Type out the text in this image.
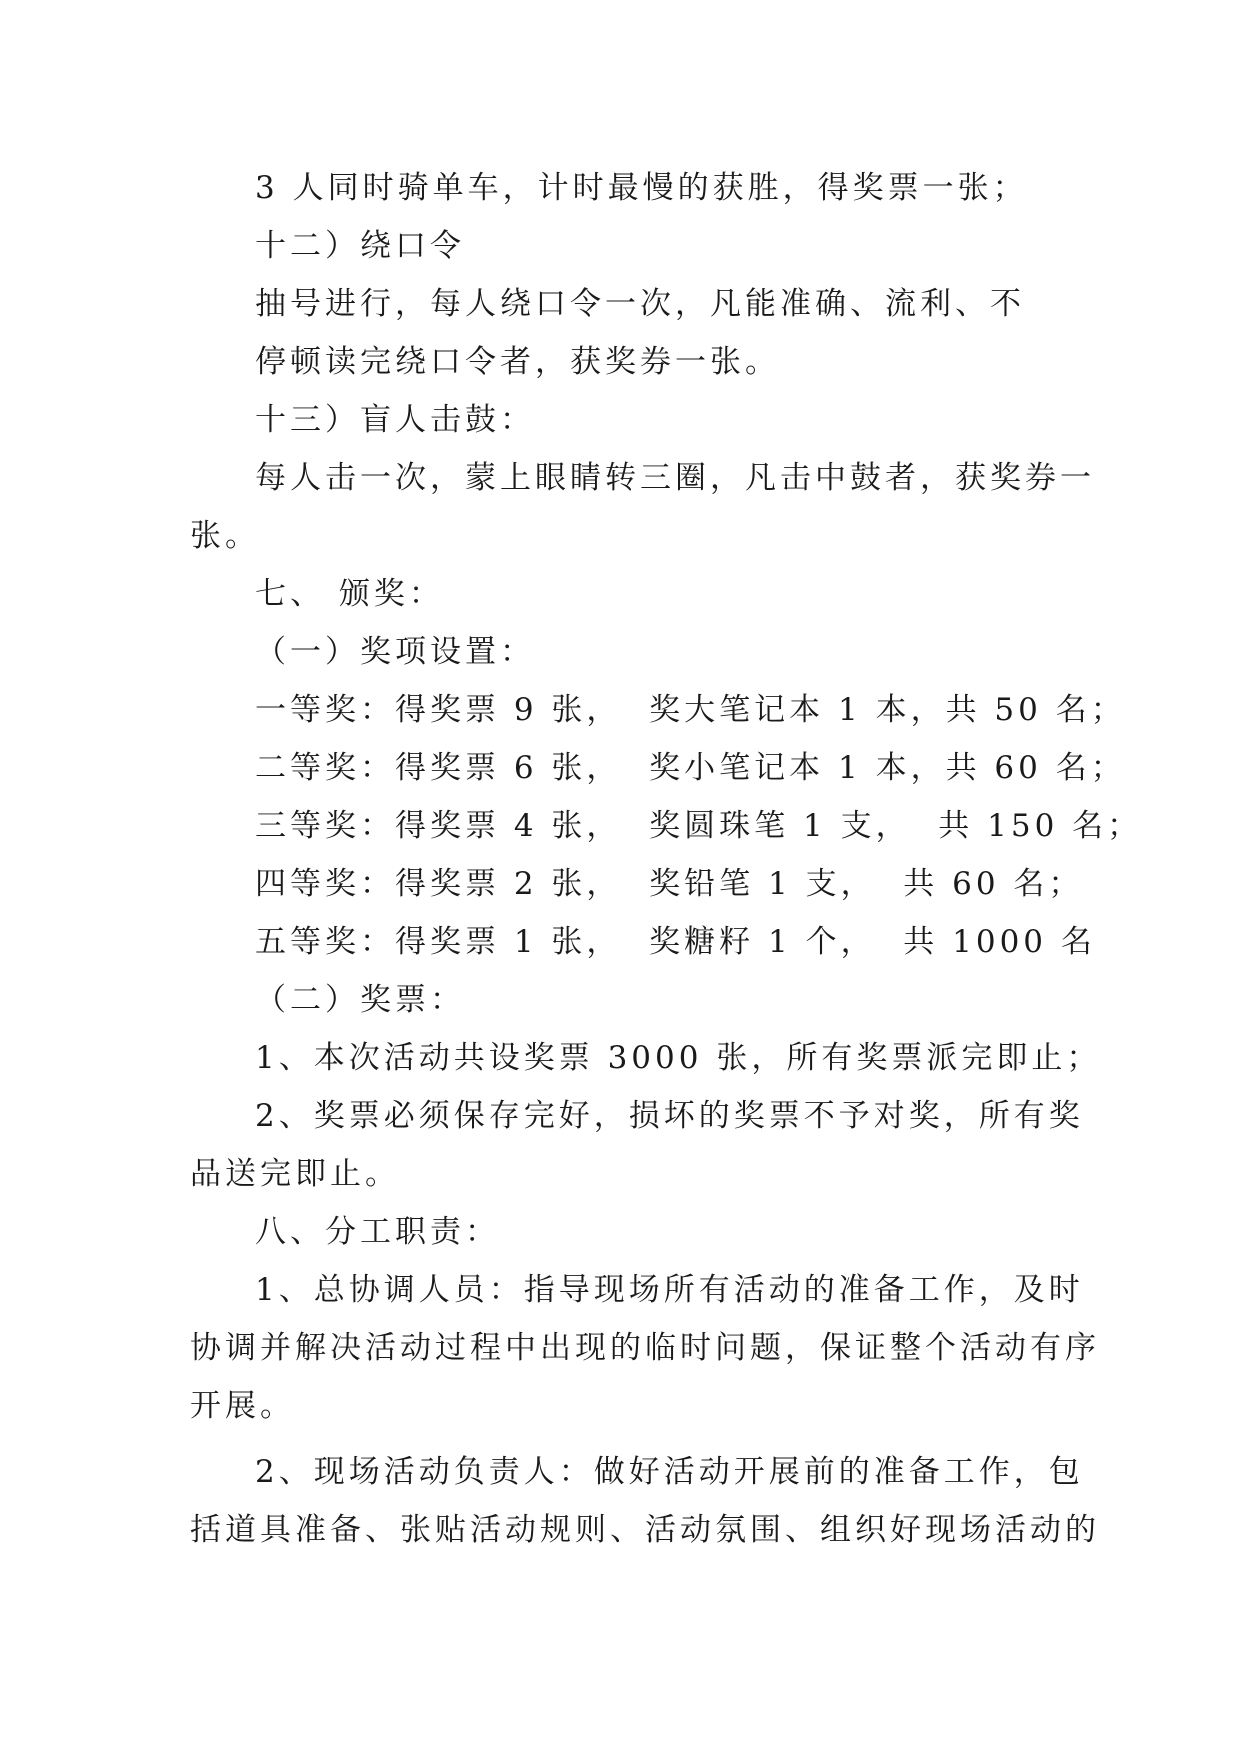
3 人同时骑单车，计时最慢的获胜，得奖票一张；
十二）绕口令
抽号进行，每人绕口令一次，凡能准确、流利、不
停顿读完绕口令者，获奖券一张。
十三）盲人击鼓：
每人击一次，蒙上眼睛转三圈，凡击中鼓者，获奖券一
张。
七、 颁奖：
（一）奖项设置：
一等奖：得奖票 9 张，  奖大笔记本 1 本，共 50 名；
二等奖：得奖票 6 张，  奖小笔记本 1 本，共 60 名；
三等奖：得奖票 4 张，  奖圆珠笔 1 支，  共 150 名；
四等奖：得奖票 2 张，  奖铅笔 1 支，  共 60 名；
五等奖：得奖票 1 张，  奖糖籽 1 个，  共 1000 名
（二）奖票：
1、本次活动共设奖票 3000 张，所有奖票派完即止；
2、奖票必须保存完好，损坏的奖票不予对奖，所有奖
品送完即止。
八、分工职责：
1、总协调人员：指导现场所有活动的准备工作，及时
协调并解决活动过程中出现的临时问题，保证整个活动有序
开展。
2、现场活动负责人：做好活动开展前的准备工作，包
括道具准备、张贴活动规则、活动氛围、组织好现场活动的
